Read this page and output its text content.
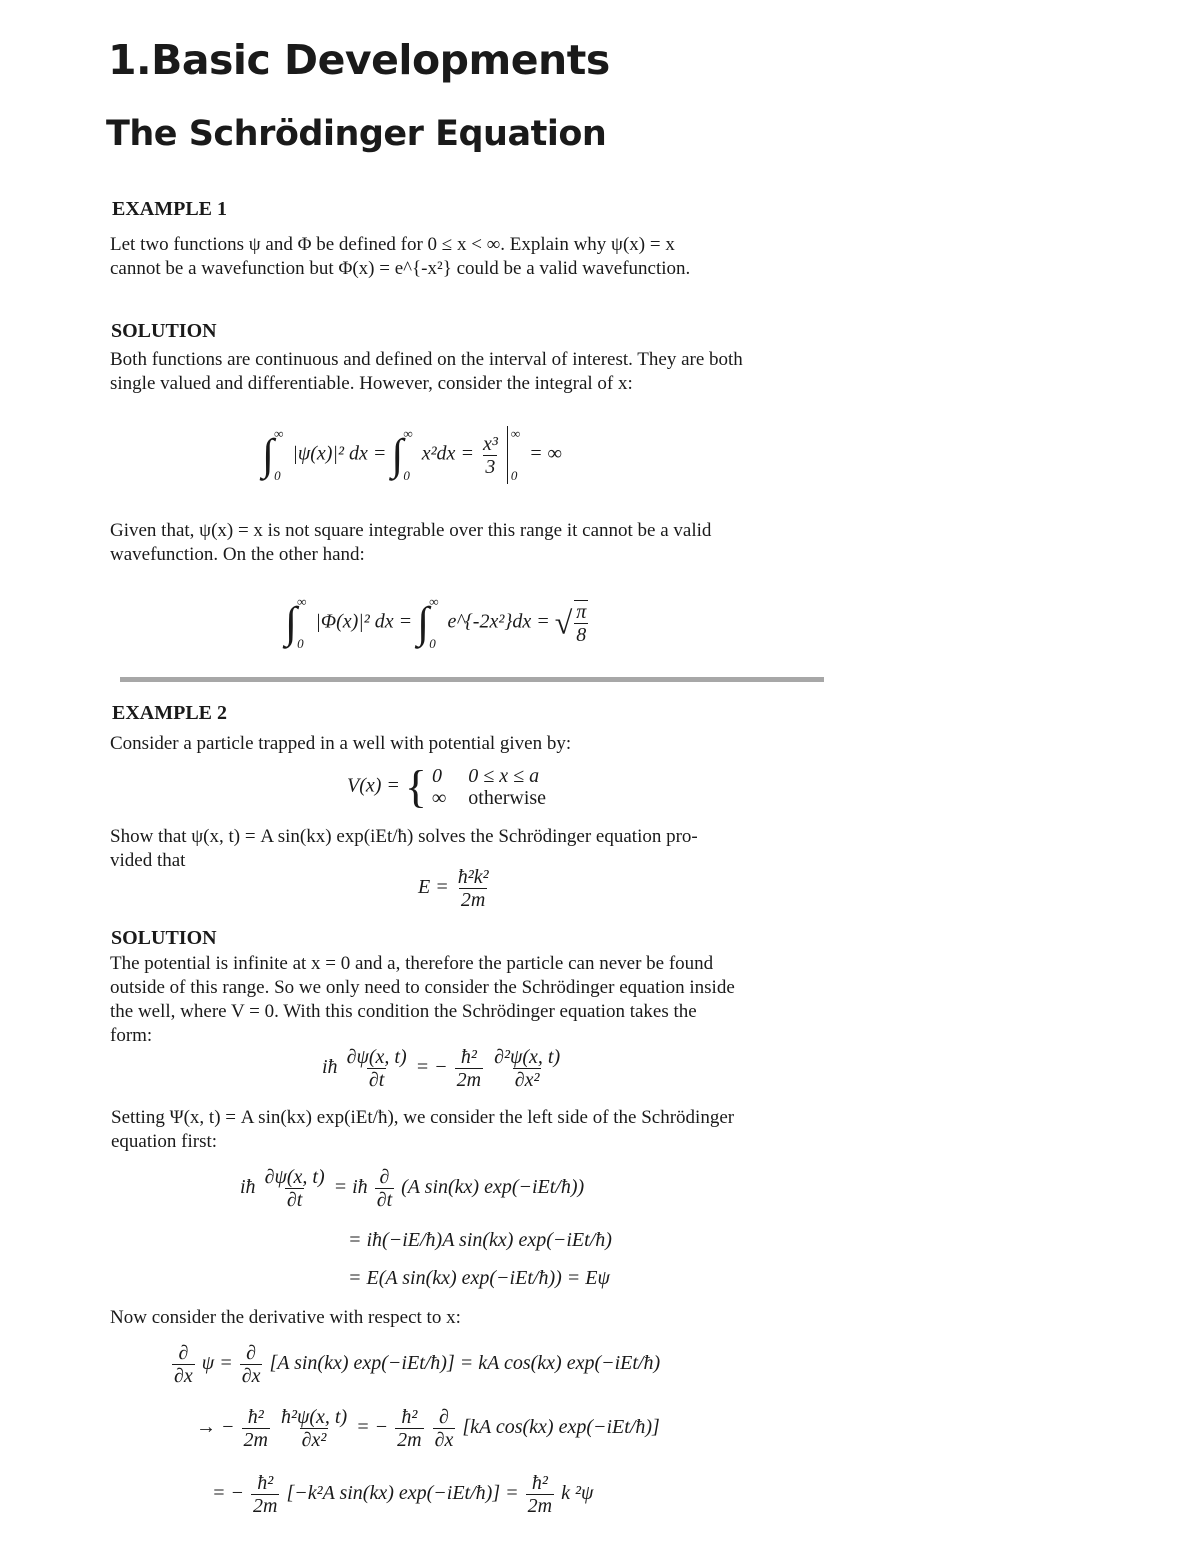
1.Basic Developments
The Schrödinger Equation
EXAMPLE 1
Let two functions ψ and Φ be defined for 0 ≤ x < ∞. Explain why ψ(x) = x
cannot be a wavefunction but Φ(x) = e^{-x²} could be a valid wavefunction.
SOLUTION
Both functions are continuous and defined on the interval of interest. They are both
single valued and differentiable. However, consider the integral of x:
∫ ∞
0
|ψ(x)|² dx = ∫ ∞
0
$x^2dx = \frac{\text{x³}}{3}$
∞
0
= ∞
Given that, ψ(x) = x is not square integrable over this range it cannot be a valid
wavefunction. On the other hand:
∫ ∞
0
|Φ(x)|² dx = ∫ ∞
0
e^{-2x²}dx = √ $\frac{\pi}{8}$
EXAMPLE 2
Consider a particle trapped in a well with potential given by:
V(x) = { 0 0 ≤ x ≤ a
∞ otherwise
Show that ψ(x, t) = A sin(kx) exp(iEt/ħ) solves the Schrödinger equation pro-
vided that
$E = \frac{\text{ħ²k²}}{2m}$
SOLUTION
The potential is infinite at x = 0 and a, therefore the particle can never be found
outside of this range. So we only need to consider the Schrödinger equation inside
the well, where V = 0. With this condition the Schrödinger equation takes the
form:
iħ $\frac{\partial\psi(x, t)}{\partial t}$ = − $\frac{\text{ħ²}}{2m}$
$\frac{\text{∂²ψ(x, t)}}{\text{∂x²}}$
Setting Ψ(x, t) = A sin(kx) exp(iEt/ħ), we consider the left side of the Schrödinger
equation first:
iħ $\frac{\partial\psi(x, t)}{\partial t}$ = iħ $\frac{\partial}{\partial t} (A$ sin(kx) exp(−iEt/ħ))
= iħ(−iE/ħ)A sin(kx) exp(−iEt/ħ)
= E(A sin(kx) exp(−iEt/ħ)) = Eψ
Now consider the derivative with respect to x:
$\frac{\partial}{\partial x}$ $\psi = \frac{\partial}{\partial x} [A$ sin(kx) exp(−iEt/ħ)] = kA cos(kx) exp(−iEt/ħ)
→ − $\frac{\text{ħ²}}{2m}$
$\frac{\text{ħ²ψ(x, t)}}{\text{∂x²}}$ = − $\frac{\text{ħ²}}{2m}$
$\frac{\partial}{\partial x} [kA$ cos(kx) exp(−iEt/ħ)]
= − $\frac{\text{ħ²}}{2m} [-k^2A$ sin(kx) exp(−iEt/ħ)] = $\frac{\text{ħ²}}{2m}$ k ²ψ
